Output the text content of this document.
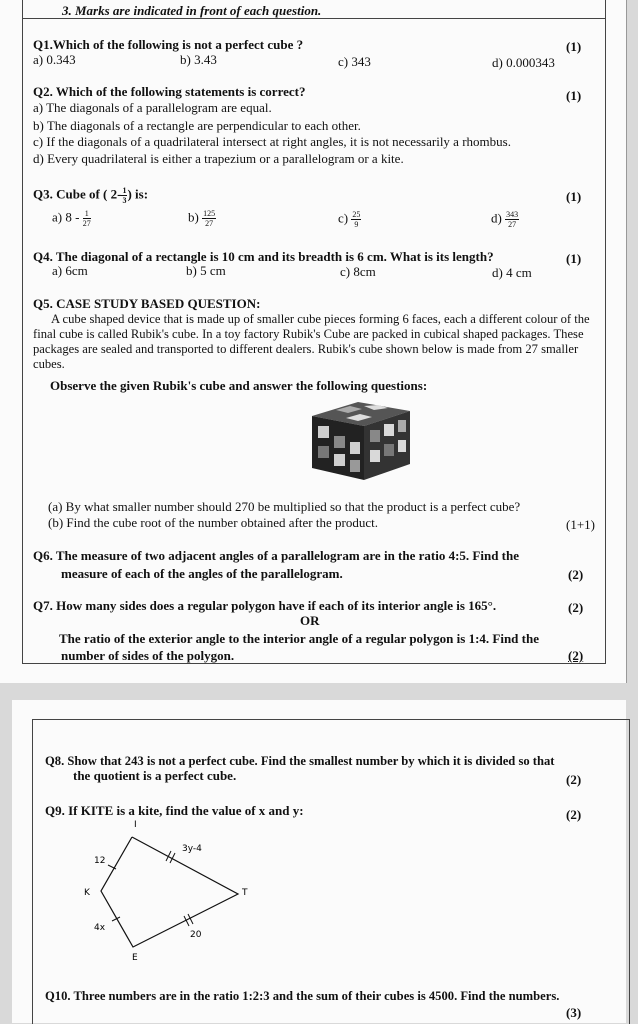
3. Marks are indicated in front of each question.
Q1.Which of the following is not a perfect cube ?	(1)
a) 0.343	b) 3.43	c) 343	d) 0.000343
Q2. Which of the following statements is correct?	(1)
a) The diagonals of a parallelogram are equal.
b) The diagonals of a rectangle are perpendicular to each other.
c) If the diagonals of a quadrilateral intersect at right angles, it is not necessarily a rhombus.
d) Every quadrilateral is either a trapezium or a parallelogram or a kite.
Q3. Cube of ( $2- \frac{1}{3}$ ) is:	(1)
a) $8 - \frac{1}{27}$	$b) \frac{125}{27}$	$c) \frac{25}{9}$	$d) \frac{343}{27}$
Q4. The diagonal of a rectangle is 10 cm and its breadth is 6 cm. What is its length?	(1)
a) 6cm	b) 5 cm	c) 8cm	d) 4 cm
Q5. CASE STUDY BASED QUESTION:
A cube shaped device that is made up of smaller cube pieces forming 6 faces, each a different colour of the final cube is called Rubik's cube. In a toy factory Rubik's Cube are packed in cubical shaped packages. These packages are sealed and transported to different dealers. Rubik's cube shown below is made from 27 smaller cubes.
Observe the given Rubik's cube and answer the following questions:
(a) By what smaller number should 270 be multiplied so that the product is a perfect cube?
(b) Find the cube root of the number obtained after the product.	(1+1)
Q6. The measure of two adjacent angles of a parallelogram are in the ratio 4:5. Find the
measure of each of the angles of the parallelogram.	(2)
Q7. How many sides does a regular polygon have if each of its interior angle is 165°.	(2)
OR
The ratio of the exterior angle to the interior angle of a regular polygon is 1:4. Find the
number of sides of the polygon.	(2)
Q8. Show that 243 is not a perfect cube. Find the smallest number by which it is divided so that
the quotient is a perfect cube.	(2)
Q9. If KITE is a kite, find the value of x and y:	(2)
I
K	T
E
12
3y-4
4x
20
Q10. Three numbers are in the ratio 1:2:3 and the sum of their cubes is 4500. Find the numbers.
(3)
